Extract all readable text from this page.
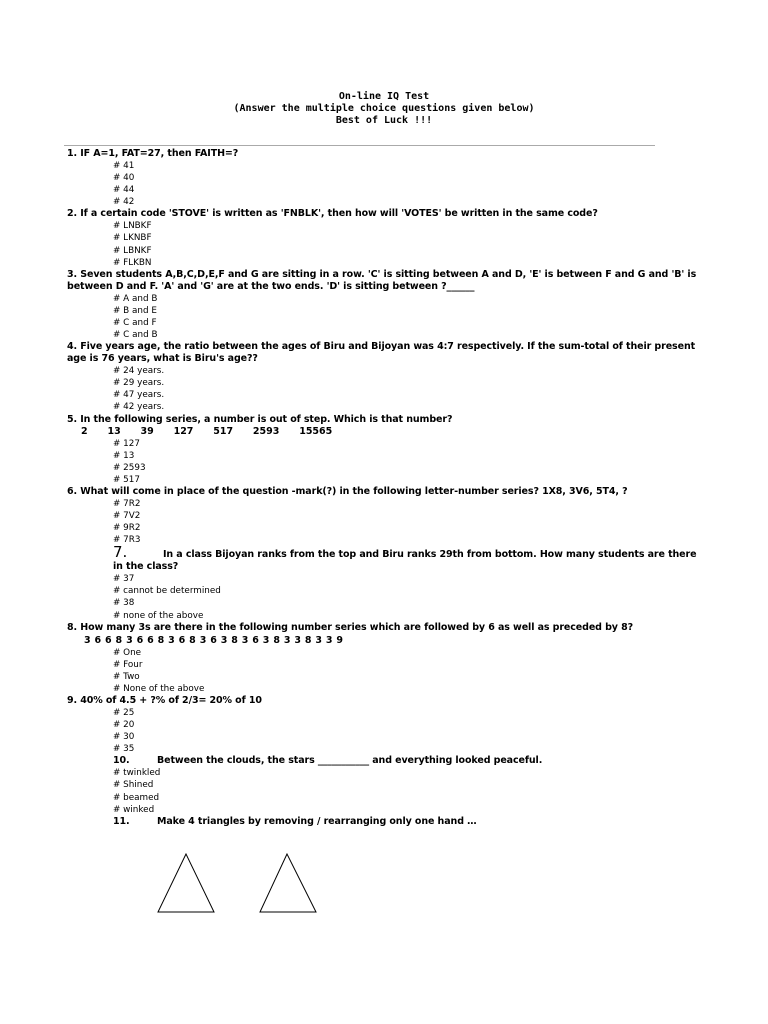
On-line IQ Test
(Answer the multiple choice questions given below)
Best of Luck !!!
1. IF A=1, FAT=27, then FAITH=?
# 41
# 40
# 44
# 42
2. If a certain code 'STOVE' is written as 'FNBLK', then how will 'VOTES' be written in the same code?
# LNBKF
# LKNBF
# LBNKF
# FLKBN
3. Seven students A,B,C,D,E,F and G are sitting in a row. 'C' is sitting between A and D, 'E' is between F and G and 'B' is between D and F. 'A' and 'G' are at the two ends. 'D' is sitting between ?______
# A and B
# B and E
# C and F
# C and B
4. Five years age, the ratio between the ages of Biru and Bijoyan was 4:7 respectively. If the sum-total of their present age is 76 years, what is Biru's age??
# 24 years.
# 29 years.
# 47 years.
# 42 years.
5. In the following series, a number is out of step. Which is that number?
2      13      39      127      517      2593      15565
# 127
# 13
# 2593
# 517
6. What will come in place of the question -mark(?) in the following letter-number series? 1X8, 3V6, 5T4, ?
# 7R2
# 7V2
# 9R2
# 7R3
7.	In a class Bijoyan ranks from the top and Biru ranks 29th from bottom. How many students are there in the class?
# 37
# cannot be determined
# 38
# none of the above
8. How many 3s are there in the following number series which are followed by 6 as well as preceded by 8?
3 6 6 8 3 6 6 8 3 6 8 3 6 3 8 3 6 3 8 3 3 8 3 3 9
# One
# Four
# Two
# None of the above
9. 40% of 4.5 + ?% of 2/3= 20% of 10
# 25
# 20
# 30
# 35
10.	Between the clouds, the stars ___________ and everything looked peaceful.
# twinkled
# Shined
# beamed
# winked
11.	Make 4 triangles by removing / rearranging only one hand …
